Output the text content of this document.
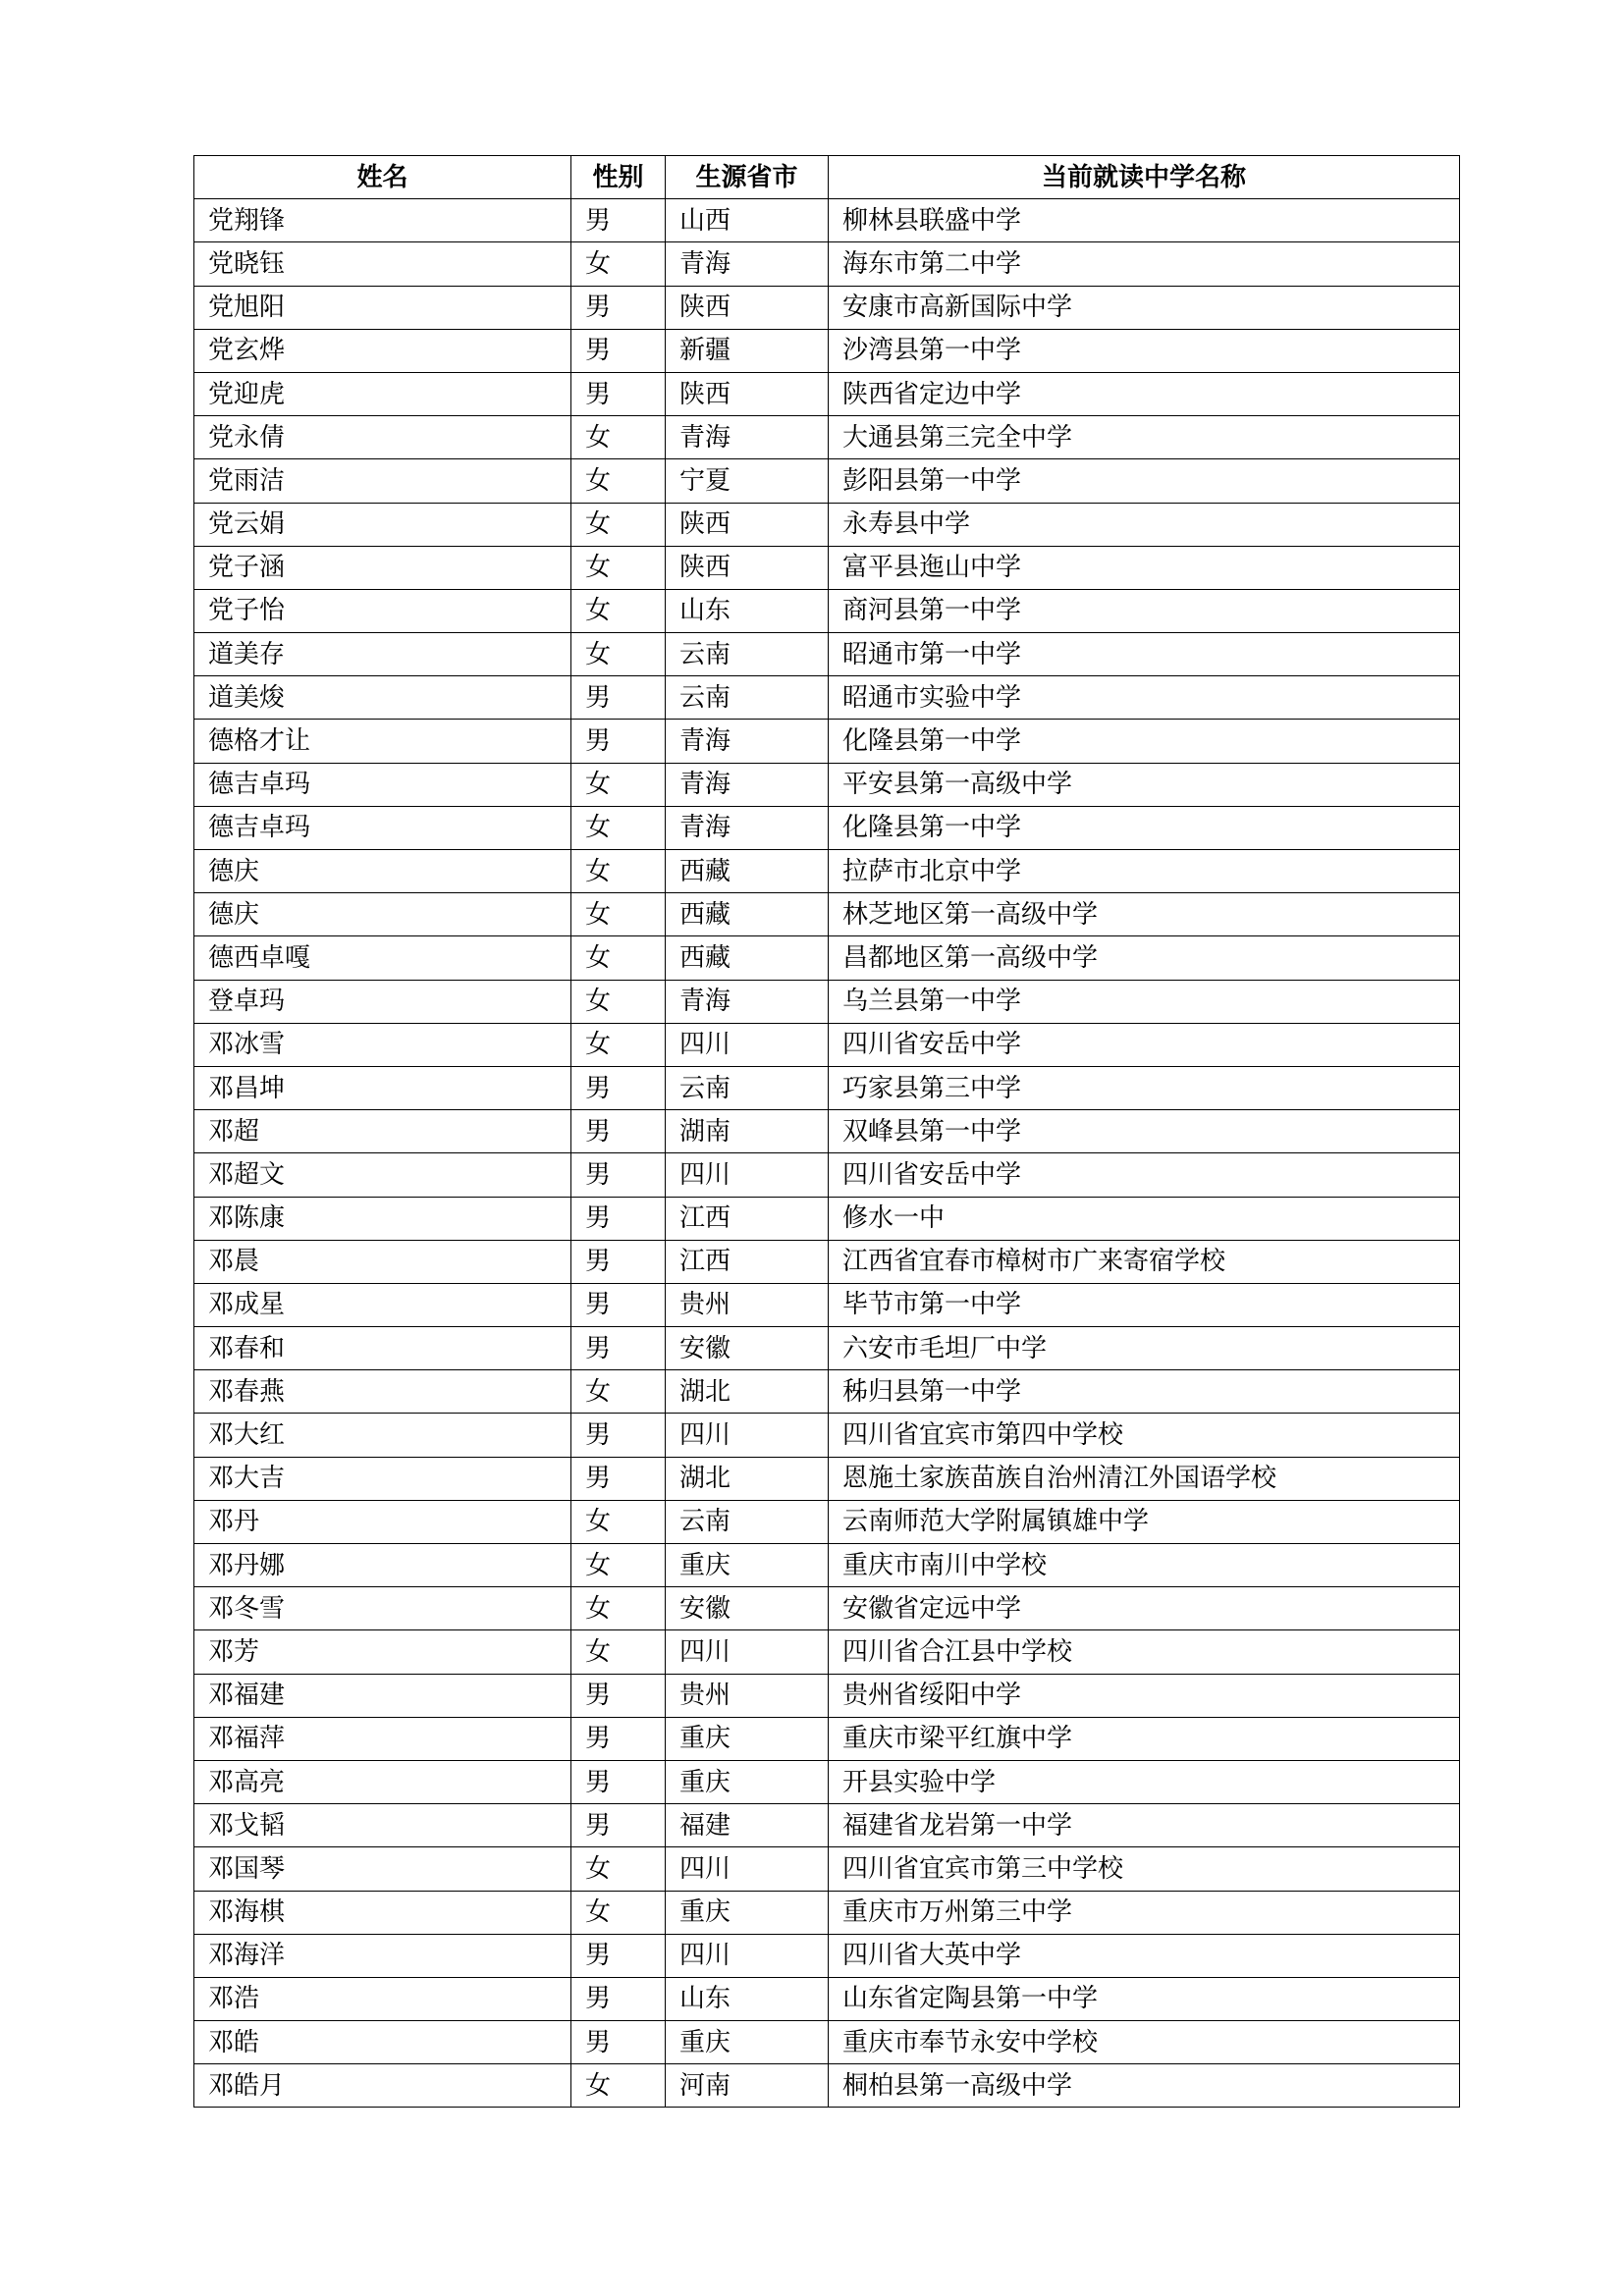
姓名	性别	生源省市	当前就读中学名称
党翔锋	男	山西	柳林县联盛中学
党晓钰	女	青海	海东市第二中学
党旭阳	男	陕西	安康市高新国际中学
党玄烨	男	新疆	沙湾县第一中学
党迎虎	男	陕西	陕西省定边中学
党永倩	女	青海	大通县第三完全中学
党雨洁	女	宁夏	彭阳县第一中学
党云娟	女	陕西	永寿县中学
党子涵	女	陕西	富平县迤山中学
党子怡	女	山东	商河县第一中学
道美存	女	云南	昭通市第一中学
道美焌	男	云南	昭通市实验中学
德格才让	男	青海	化隆县第一中学
德吉卓玛	女	青海	平安县第一高级中学
德吉卓玛	女	青海	化隆县第一中学
德庆	女	西藏	拉萨市北京中学
德庆	女	西藏	林芝地区第一高级中学
德西卓嘎	女	西藏	昌都地区第一高级中学
登卓玛	女	青海	乌兰县第一中学
邓冰雪	女	四川	四川省安岳中学
邓昌坤	男	云南	巧家县第三中学
邓超	男	湖南	双峰县第一中学
邓超文	男	四川	四川省安岳中学
邓陈康	男	江西	修水一中
邓晨	男	江西	江西省宜春市樟树市广来寄宿学校
邓成星	男	贵州	毕节市第一中学
邓春和	男	安徽	六安市毛坦厂中学
邓春燕	女	湖北	秭归县第一中学
邓大红	男	四川	四川省宜宾市第四中学校
邓大吉	男	湖北	恩施土家族苗族自治州清江外国语学校
邓丹	女	云南	云南师范大学附属镇雄中学
邓丹娜	女	重庆	重庆市南川中学校
邓冬雪	女	安徽	安徽省定远中学
邓芳	女	四川	四川省合江县中学校
邓福建	男	贵州	贵州省绥阳中学
邓福萍	男	重庆	重庆市梁平红旗中学
邓高亮	男	重庆	开县实验中学
邓戈韬	男	福建	福建省龙岩第一中学
邓国琴	女	四川	四川省宜宾市第三中学校
邓海棋	女	重庆	重庆市万州第三中学
邓海洋	男	四川	四川省大英中学
邓浩	男	山东	山东省定陶县第一中学
邓皓	男	重庆	重庆市奉节永安中学校
邓皓月	女	河南	桐柏县第一高级中学
